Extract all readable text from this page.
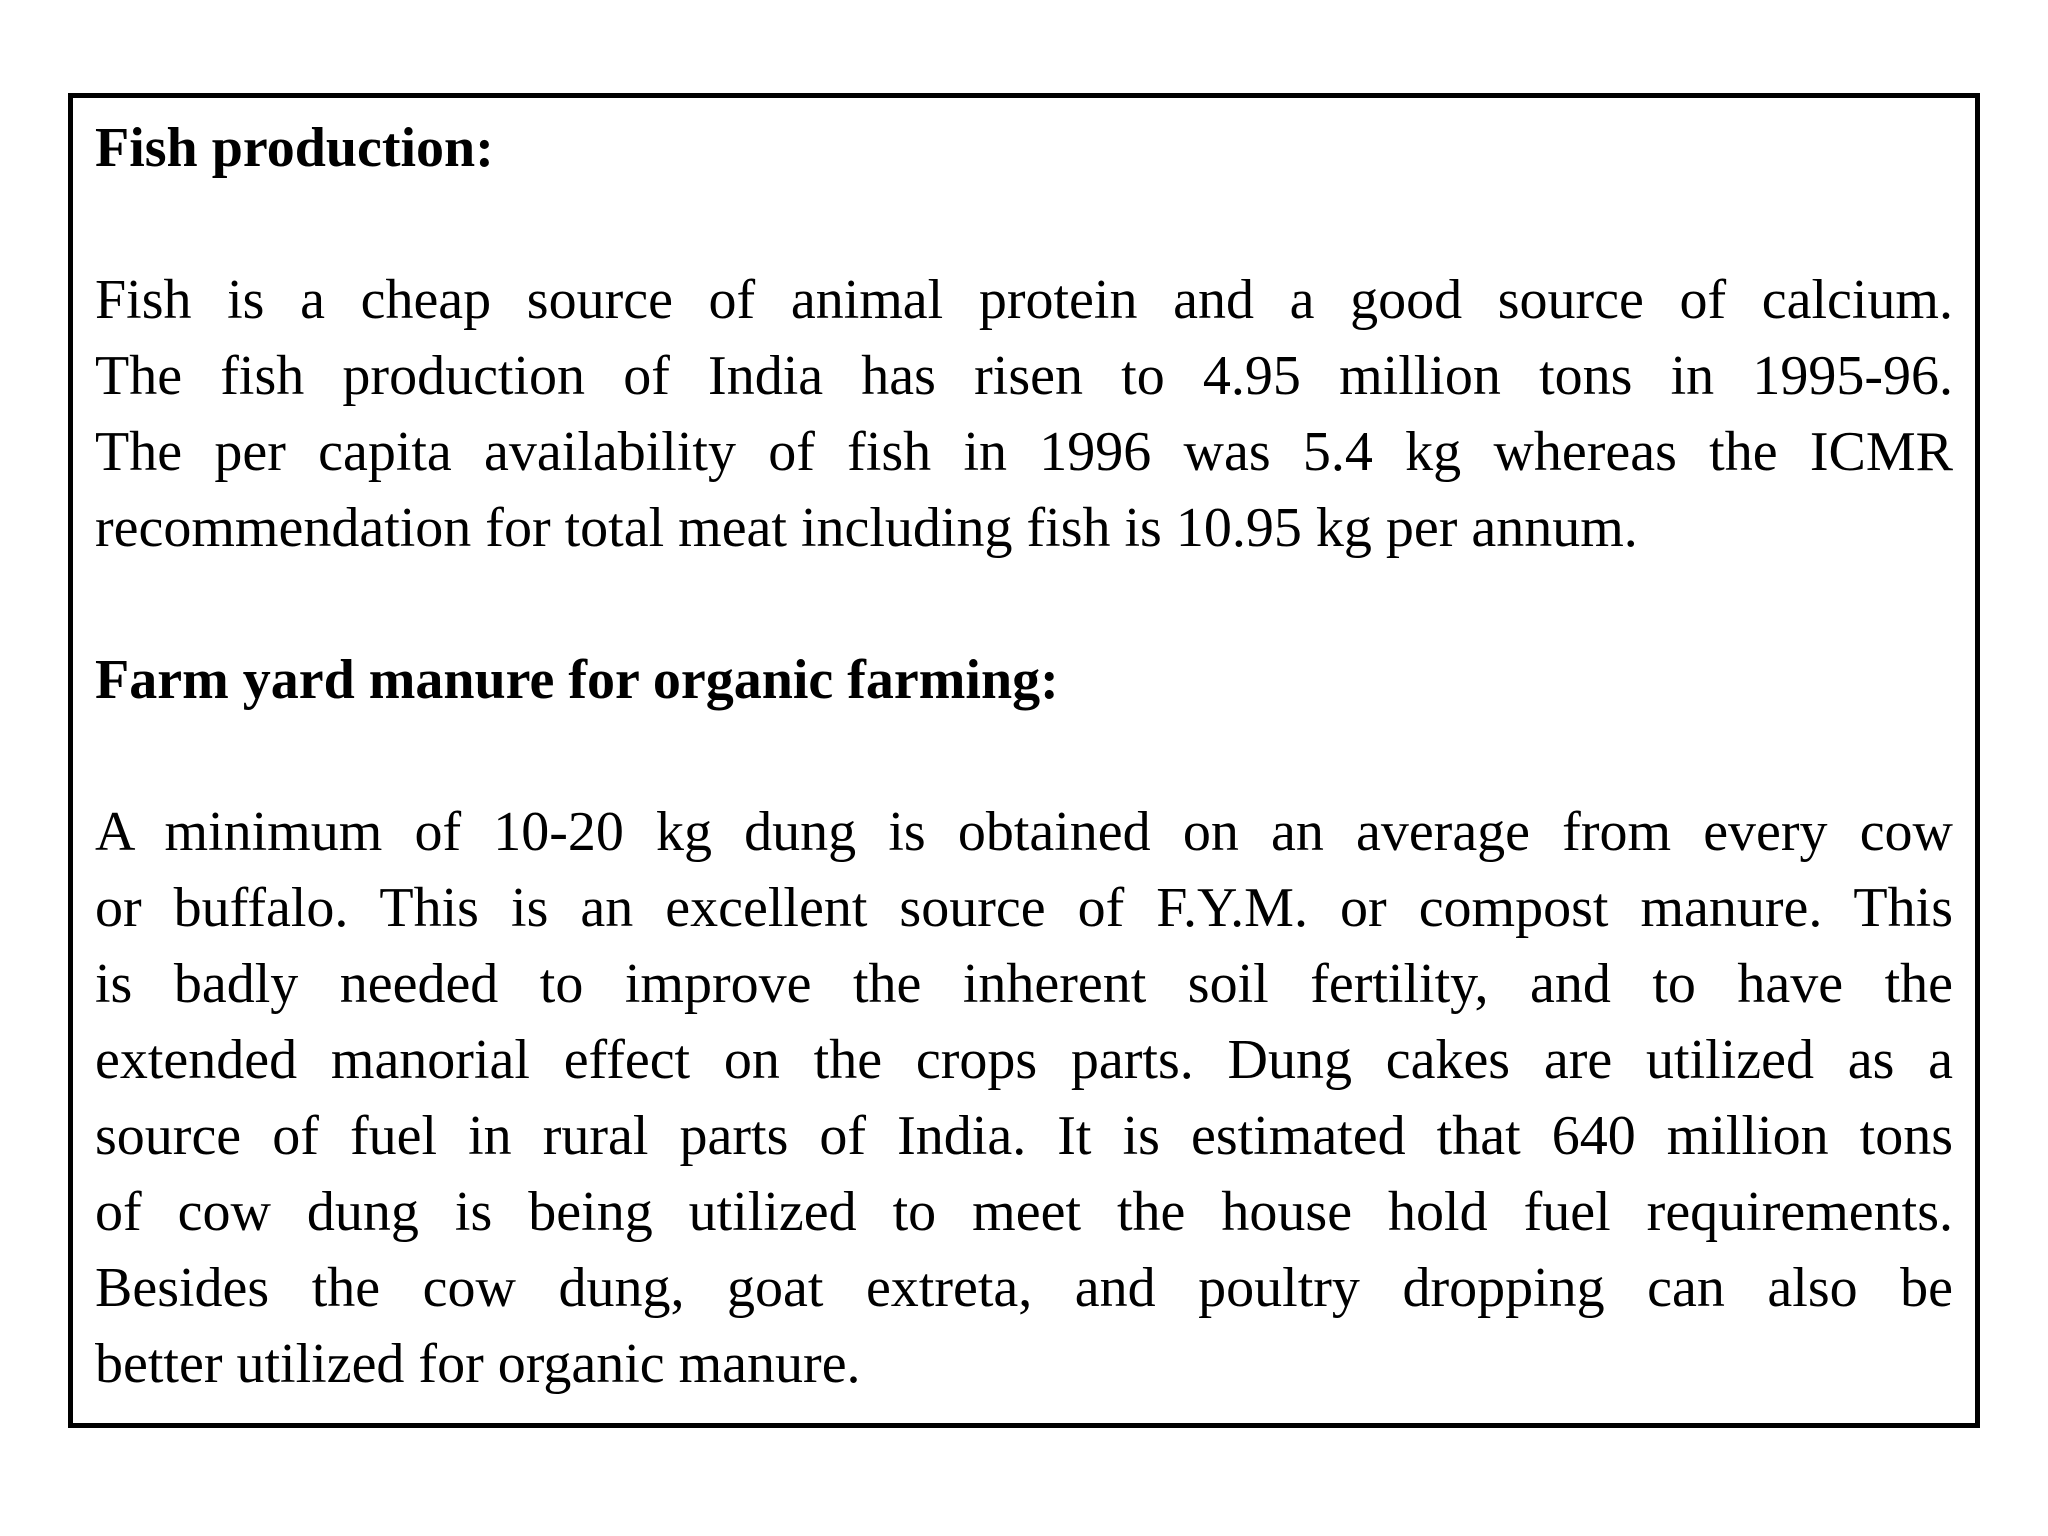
Fish production:
Fish is a cheap source of animal protein and a good source of calcium.
The fish production of India has risen to 4.95 million tons in 1995-96.
The per capita availability of fish in 1996 was 5.4 kg whereas the ICMR
recommendation for total meat including fish is 10.95 kg per annum.
Farm yard manure for organic farming:
A minimum of 10-20 kg dung is obtained on an average from every cow
or buffalo. This is an excellent source of F.Y.M. or compost manure. This
is badly needed to improve the inherent soil fertility, and to have the
extended manorial effect on the crops parts. Dung cakes are utilized as a
source of fuel in rural parts of India. It is estimated that 640 million tons
of cow dung is being utilized to meet the house hold fuel requirements.
Besides the cow dung, goat extreta, and poultry dropping can also be
better utilized for organic manure.
